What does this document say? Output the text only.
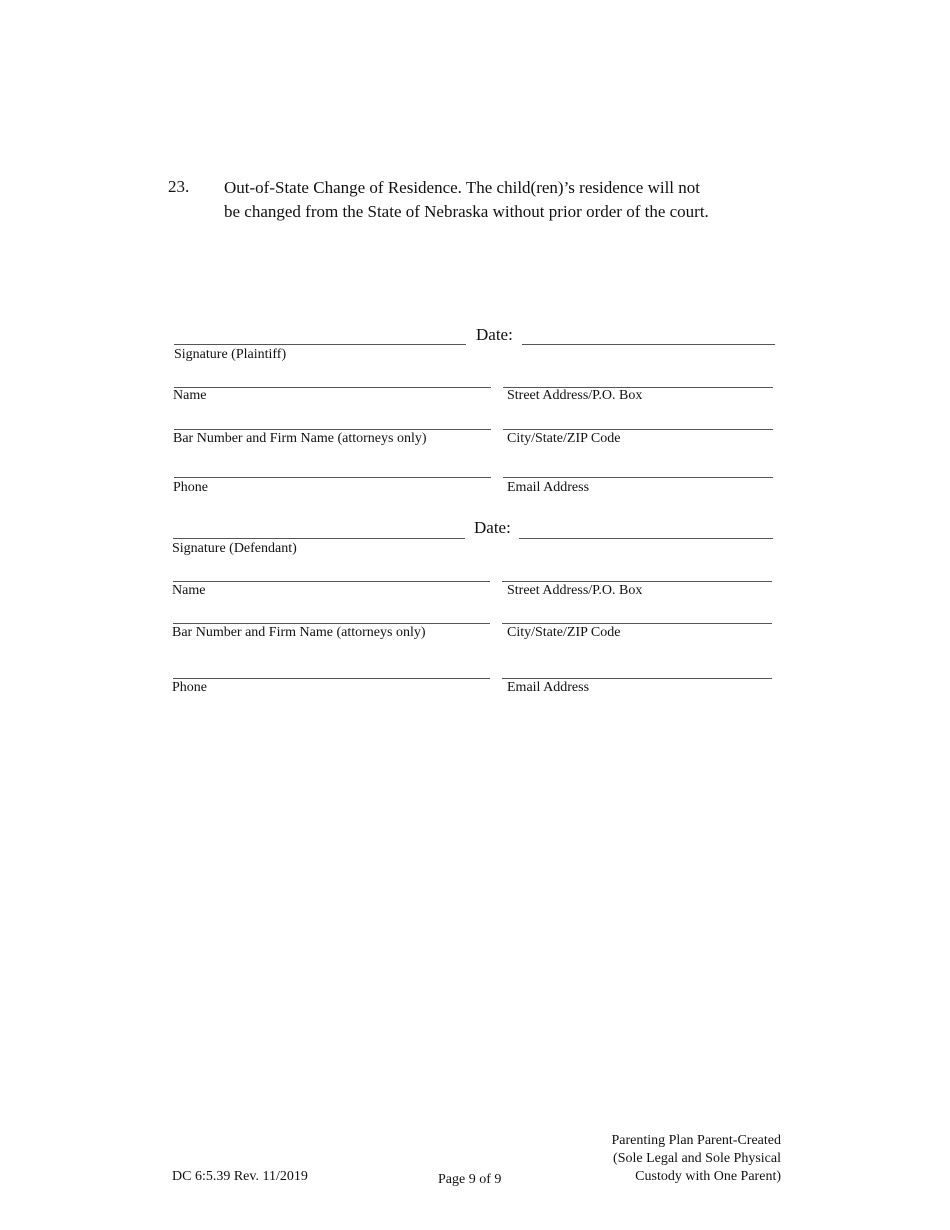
23. Out-of-State Change of Residence. The child(ren)’s residence will not
be changed from the State of Nebraska without prior order of the court.
Date:
Signature (Plaintiff)
Name	Street Address/P.O. Box
Bar Number and Firm Name (attorneys only)	City/State/ZIP Code
Phone	Email Address
Date:
Signature (Defendant)
Name	Street Address/P.O. Box
Bar Number and Firm Name (attorneys only)	City/State/ZIP Code
Phone	Email Address
DC 6:5.39 Rev. 11/2019	Page 9 of 9
Parenting Plan Parent-Created
(Sole Legal and Sole Physical
Custody with One Parent)
